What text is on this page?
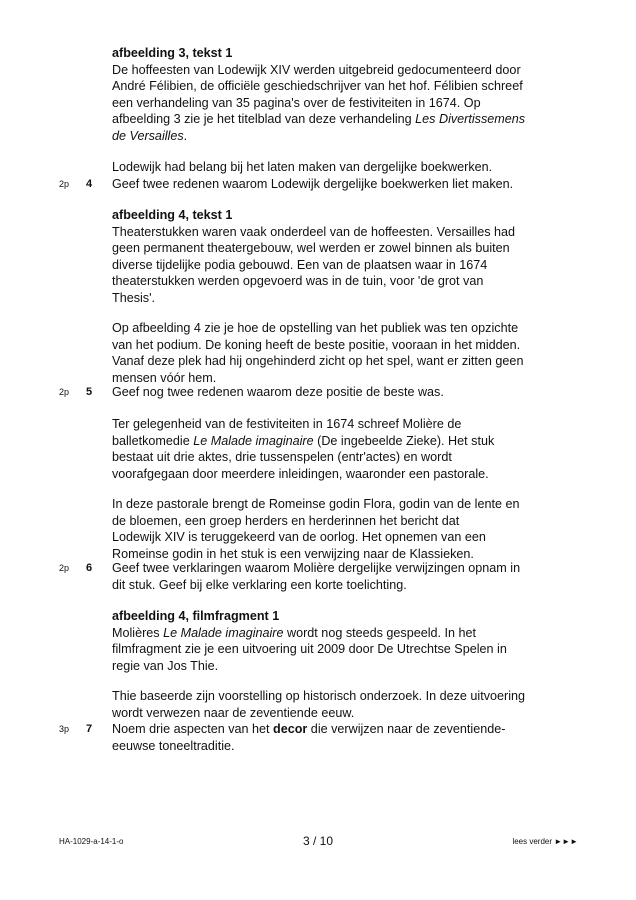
afbeelding 3, tekst 1
De hoffeesten van Lodewijk XIV werden uitgebreid gedocumenteerd door
André Félibien, de officiële geschiedschrijver van het hof. Félibien schreef
een verhandeling van 35 pagina's over de festiviteiten in 1674. Op
afbeelding 3 zie je het titelblad van deze verhandeling Les Divertissemens
de Versailles.
Lodewijk had belang bij het laten maken van dergelijke boekwerken.
2p 4 Geef twee redenen waarom Lodewijk dergelijke boekwerken liet maken.
afbeelding 4, tekst 1
Theaterstukken waren vaak onderdeel van de hoffeesten. Versailles had
geen permanent theatergebouw, wel werden er zowel binnen als buiten
diverse tijdelijke podia gebouwd. Een van de plaatsen waar in 1674
theaterstukken werden opgevoerd was in de tuin, voor 'de grot van
Thesis'.
Op afbeelding 4 zie je hoe de opstelling van het publiek was ten opzichte
van het podium. De koning heeft de beste positie, vooraan in het midden.
Vanaf deze plek had hij ongehinderd zicht op het spel, want er zitten geen
mensen vóór hem.
2p 5 Geef nog twee redenen waarom deze positie de beste was.
Ter gelegenheid van de festiviteiten in 1674 schreef Molière de
balletkomedie Le Malade imaginaire (De ingebeelde Zieke). Het stuk
bestaat uit drie aktes, drie tussenspelen (entr'actes) en wordt
voorafgegaan door meerdere inleidingen, waaronder een pastorale.
In deze pastorale brengt de Romeinse godin Flora, godin van de lente en
de bloemen, een groep herders en herderinnen het bericht dat
Lodewijk XIV is teruggekeerd van de oorlog. Het opnemen van een
Romeinse godin in het stuk is een verwijzing naar de Klassieken.
2p 6 Geef twee verklaringen waarom Molière dergelijke verwijzingen opnam in
dit stuk. Geef bij elke verklaring een korte toelichting.
afbeelding 4, filmfragment 1
Molières Le Malade imaginaire wordt nog steeds gespeeld. In het
filmfragment zie je een uitvoering uit 2009 door De Utrechtse Spelen in
regie van Jos Thie.
Thie baseerde zijn voorstelling op historisch onderzoek. In deze uitvoering
wordt verwezen naar de zeventiende eeuw.
3p 7 Noem drie aspecten van het decor die verwijzen naar de zeventiende-
eeuwse toneeltraditie.
HA-1029-a-14-1-o	3 / 10	lees verder ►►►
